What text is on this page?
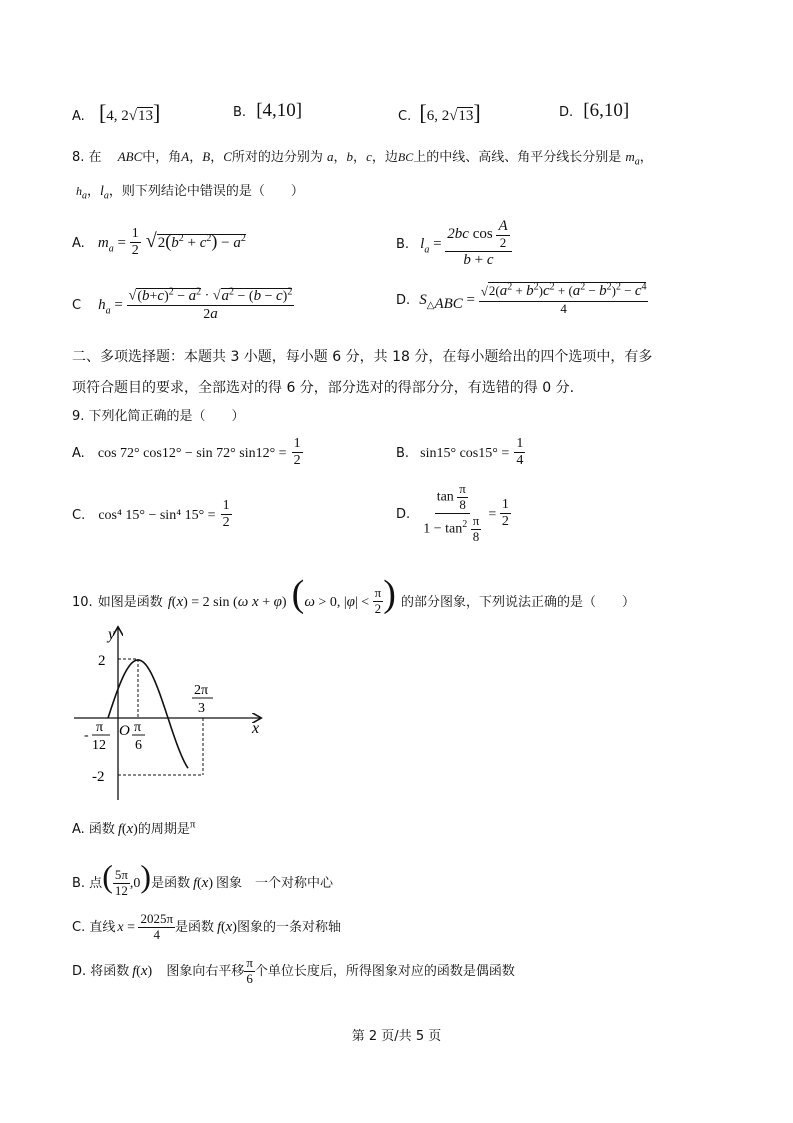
A. [4, 2√13]	B. [4,10]	C. [6, 2√13]	D. [6,10]
8. 在 ABC中，角A，B，C所对的边分别为 a，b，c，边BC上的中线、高线、角平分线长分别是 $m_a$，
$h_a$，$l_a$，则下列结论中错误的是（　　）
A. $m_a = \frac{1}{2} √2(b^2 + c^2) - a^2$	B. $l_a = \frac{2bc \cos \frac{A}{2}}{b + c}$
C $h_a = \frac{√(b+c)^2 - a^2 \cdot √a^2 - (b - c)^2}{2a}$	D. $S_{\triangle ABC} = \frac{√2(a^2 + b^2)c^2 + (a^2 - b^2)^2 - c^4}{4}$
二、多项选择题：本题共 3 小题，每小题 6 分，共 18 分，在每小题给出的四个选项中，有多
项符合题目的要求，全部选对的得 6 分，部分选对的得部分分，有选错的得 0 分.
9. 下列化简正确的是（　　）
A. cos 72° cos12° − sin 72° $\sin 12^\circ = \frac{1}{2}$	B. sin15° $\cos 15^\circ = \frac{1}{4}$
C. cos⁴ 15° − sin⁴ $15^\circ = \frac{1}{2}$	D. $\frac{\tan \frac{\pi}{8}}{1 - \tan^2 \frac{\pi}{8}} = \frac{1}{2}$
10. 如图是函数 f(x) = 2 sin (ω x + φ) (ω > 0, $|\varphi| < \frac{\pi}{2}$ ) 的部分图象，下列说法正确的是（　　）
y
x
2
-2
O
-
π
12
π
6
2π
3
A. 函数 f(x)的周期是$^\pi$
B. 点( $\frac{5\pi}{12} ,0$)是函数 f(x) 图象　一个对称中心
C. 直线 $x = \frac{2025\pi}{4}$ 是函数 f(x)图象的一条对称轴
D. 将函数 f(x) 图象向右平移 $\frac{\pi}{6}$ 个单位长度后，所得图象对应的函数是偶函数
第 2 页/共 5 页
